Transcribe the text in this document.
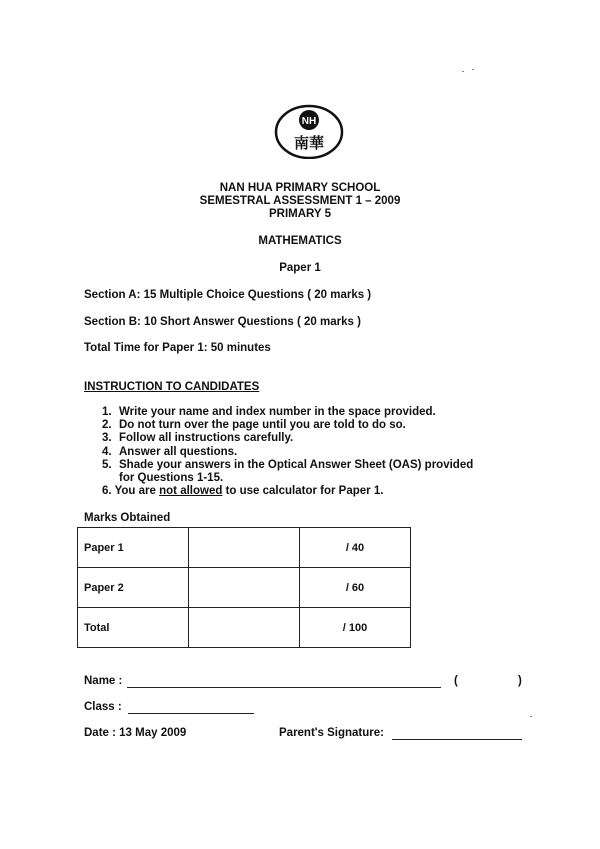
NH
南華
NAN HUA PRIMARY SCHOOL
SEMESTRAL ASSESSMENT 1 – 2009
PRIMARY 5
MATHEMATICS
Paper 1
Section A: 15 Multiple Choice Questions ( 20 marks )
Section B: 10 Short Answer Questions ( 20 marks )
Total Time for Paper 1: 50 minutes
INSTRUCTION TO CANDIDATES
1. Write your name and index number in the space provided.
2. Do not turn over the page until you are told to do so.
3. Follow all instructions carefully.
4. Answer all questions.
5. Shade your answers in the Optical Answer Sheet (OAS) provided
for Questions 1-15.
6. You are not allowed to use calculator for Paper 1.
Marks Obtained
Paper 1		/ 40
Paper 2		/ 60
Total		/ 100
Name :	(	)
Class :
Date : 13 May 2009	Parent's Signature:
